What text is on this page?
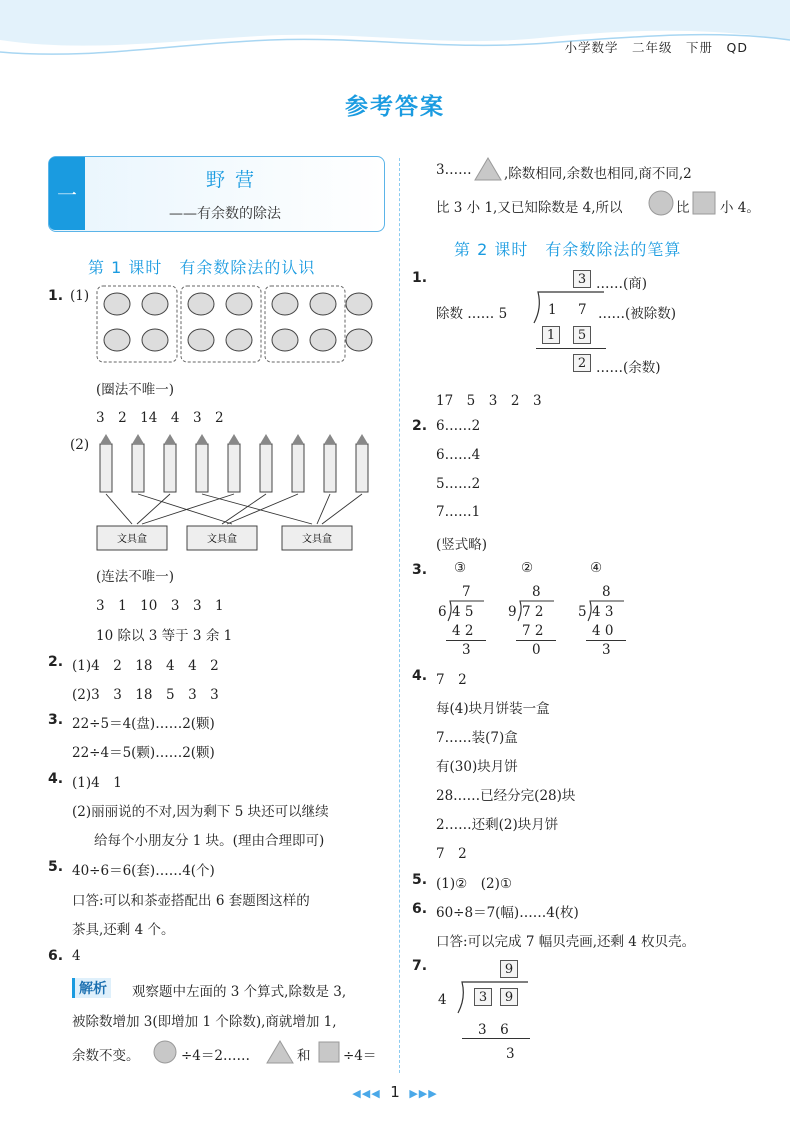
小学数学　二年级　下册　QD
参考答案
一
野营
——有余数的除法
第 1 课时　有余数除法的认识
1. (1)
(圈法不唯一)
3　2　14　4　3　2
(2)
文具盒	文具盒	文具盒
(连法不唯一)
3　1　10　3　3　1
10 除以 3 等于 3 余 1
2. (1)4　2　18　4　4　2
(2)3　3　18　5　3　3
3. 22÷5＝4(盘)……2(颗)
22÷4＝5(颗)……2(颗)
4. (1)4　1
(2)丽丽说的不对,因为剩下 5 块还可以继续
给每个小朋友分 1 块。(理由合理即可)
5. 40÷6＝6(套)……4(个)
口答:可以和茶壶搭配出 6 套题图这样的
茶具,还剩 4 个。
6. 4
解析 观察题中左面的 3 个算式,除数是 3,
被除数增加 3(即增加 1 个除数),商就增加 1,
余数不变。	÷4＝2……	和 ÷4＝
3…… ,除数相同,余数也相同,商不同,2
比 3 小 1,又已知除数是 4,所以	比 小 4。
第 2 课时　有余数除法的笔算
1.	3 ……(商)
除数 …… 5	1 7 ……(被除数)
1	5
2 ……(余数)
17　5　3　2　3
2. 6……2
6……4
5……2
7……1
(竖式略)
3. ③	②	④
7
6 4 5
4 2
3
8
9 7 2
7 2
0
8
5 4 3
4 0
3
4. 7　2
每(4)块月饼装一盒
7……装(7)盒
有(30)块月饼
28……已经分完(28)块
2……还剩(2)块月饼
7　2
5. (1)②　(2)①
6. 60÷8＝7(幅)……4(枚)
口答:可以完成 7 幅贝壳画,还剩 4 枚贝壳。
7.	9
4	3	9
3　6
3
◀◀◀ 1 ▶▶▶
